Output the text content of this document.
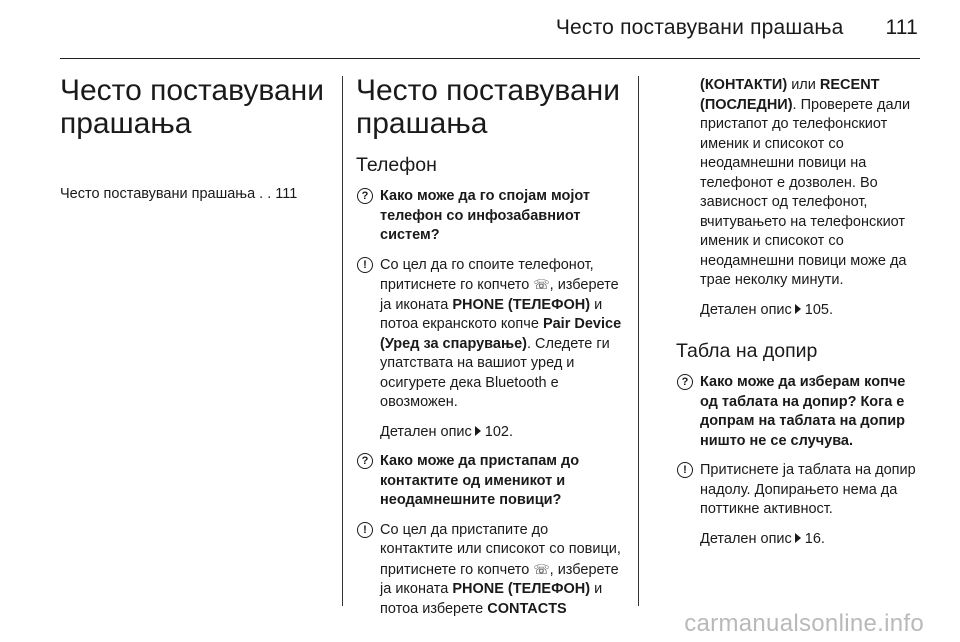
Често поставувани прашања 111
Често поставувани прашања
Често поставувани прашања . . 111
Често поставувани прашања
Телефон
? Како може да го спојам мојот телефон со инфозабавниот систем?
! Со цел да го споите телефонот, притиснете го копчето ☏, изберете ја иконата PHONE (ТЕЛЕФОН) и потоа екранското копче Pair Device (Уред за спарување). Следете ги упатствата на вашиот уред и осигурете дека Bluetooth е овозможен.
Детален опис 102.
? Како може да пристапам до контактите од именикот и неодамнешните повици?
! Со цел да пристапите до контактите или списокот со повици, притиснете го копчето ☏, изберете ја иконата PHONE (ТЕЛЕФОН) и потоа изберете CONTACTS
(КОНТАКТИ) или RECENT (ПОСЛЕДНИ). Проверете дали пристапот до телефонскиот именик и списокот со неодамнешни повици на телефонот е дозволен. Во зависност од телефонот, вчитувањето на телефонскиот именик и списокот со неодамнешни повици може да трае неколку минути.
Детален опис 105.
Табла на допир
? Како може да изберам копче од таблата на допир? Кога е допрам на таблата на допир ништо не се случува.
! Притиснете ја таблата на допир надолу. Допирањето нема да поттикне активност.
Детален опис 16.
carmanualsonline.info
